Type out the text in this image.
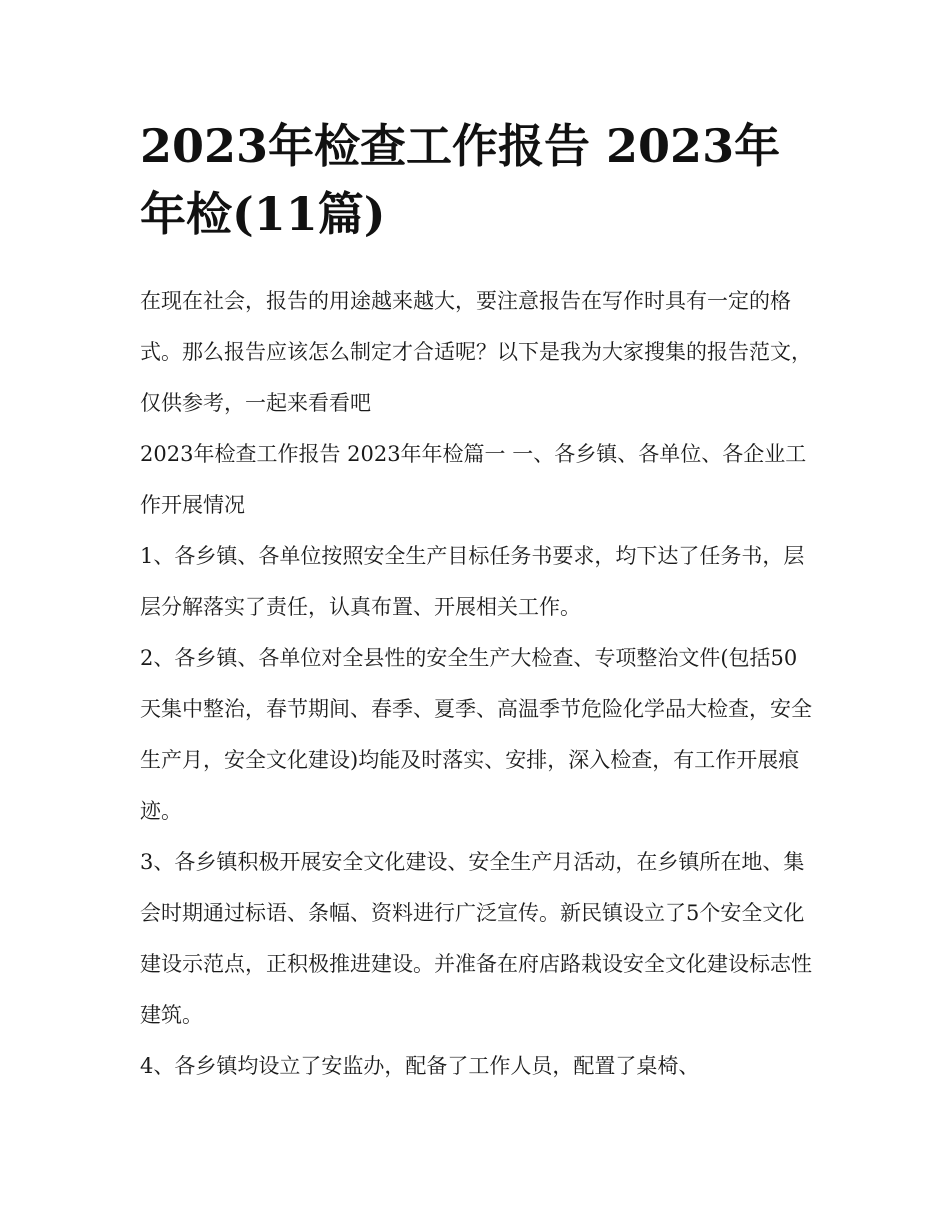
2023年检查工作报告 2023年年检(11篇)

在现在社会，报告的用途越来越大，要注意报告在写作时具有一定的格式。那么报告应该怎么制定才合适呢？以下是我为大家搜集的报告范文，仅供参考，一起来看看吧

2023年检查工作报告 2023年年检篇一 一、各乡镇、各单位、各企业工作开展情况

1、各乡镇、各单位按照安全生产目标任务书要求，均下达了任务书，层层分解落实了责任，认真布置、开展相关工作。

2、各乡镇、各单位对全县性的安全生产大检查、专项整治文件(包括50天集中整治，春节期间、春季、夏季、高温季节危险化学品大检查，安全生产月，安全文化建设)均能及时落实、安排，深入检查，有工作开展痕迹。

3、各乡镇积极开展安全文化建设、安全生产月活动，在乡镇所在地、集会时期通过标语、条幅、资料进行广泛宣传。新民镇设立了5个安全文化建设示范点，正积极推进建设。并准备在府店路栽设安全文化建设标志性建筑。

4、各乡镇均设立了安监办，配备了工作人员，配置了桌椅、
